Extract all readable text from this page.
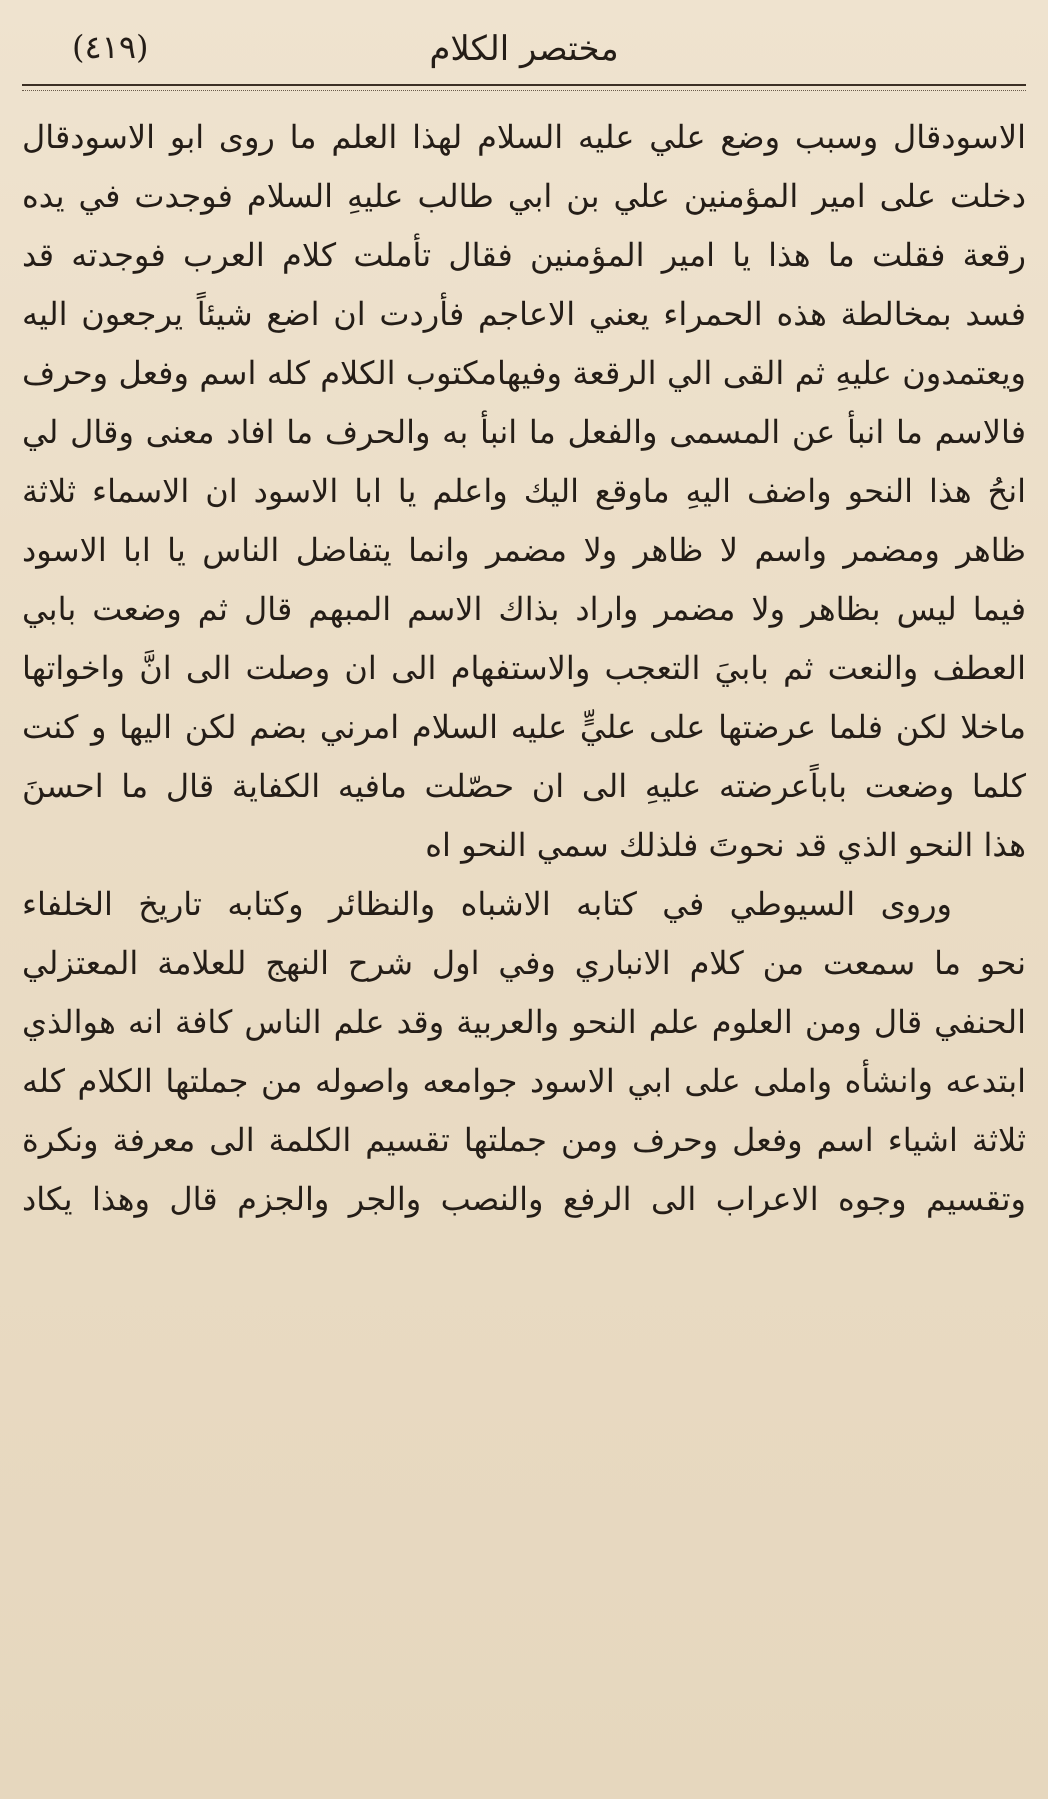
مختصر الكلام
(٤١٩)
الاسودقال وسبب وضع علي عليه السلام لهذا العلم ما روى ابو الاسودقال
دخلت على امير المؤمنين علي بن ابي طالب عليهِ السلام فوجدت في يده
رقعة فقلت ما هذا يا امير المؤمنين فقال تأملت كلام العرب فوجدته قد
فسد بمخالطة هذه الحمراء يعني الاعاجم فأردت ان اضع شيئاً يرجعون اليه
ويعتمدون عليهِ ثم القى الي الرقعة وفيهامكتوب الكلام كله اسم وفعل وحرف
فالاسم ما انبأ عن المسمى والفعل ما انبأ به والحرف ما افاد معنى وقال لي
انحُ هذا النحو واضف اليهِ ماوقع اليك واعلم يا ابا الاسود ان الاسماء ثلاثة
ظاهر ومضمر واسم لا ظاهر ولا مضمر وانما يتفاضل الناس يا ابا الاسود
فيما ليس بظاهر ولا مضمر واراد بذاك الاسم المبهم قال ثم وضعت بابي
العطف والنعت ثم بابيَ التعجب والاستفهام الى ان وصلت الى انَّ واخواتها
ماخلا لكن فلما عرضتها على عليٍّ عليه السلام امرني بضم لكن اليها و كنت
كلما وضعت باباًعرضته عليهِ الى ان حصّلت مافيه الكفاية قال ما احسنَ
هذا النحو الذي قد نحوتَ فلذلك سمي النحو اه
وروى السيوطي في كتابه الاشباه والنظائر وكتابه تاريخ الخلفاء
نحو ما سمعت من كلام الانباري وفي اول شرح النهج للعلامة المعتزلي
الحنفي قال ومن العلوم علم النحو والعربية وقد علم الناس كافة انه هوالذي
ابتدعه وانشأه واملى على ابي الاسود جوامعه واصوله من جملتها الكلام كله
ثلاثة اشياء اسم وفعل وحرف ومن جملتها تقسيم الكلمة الى معرفة ونكرة
وتقسيم وجوه الاعراب الى الرفع والنصب والجر والجزم قال وهذا يكاد
